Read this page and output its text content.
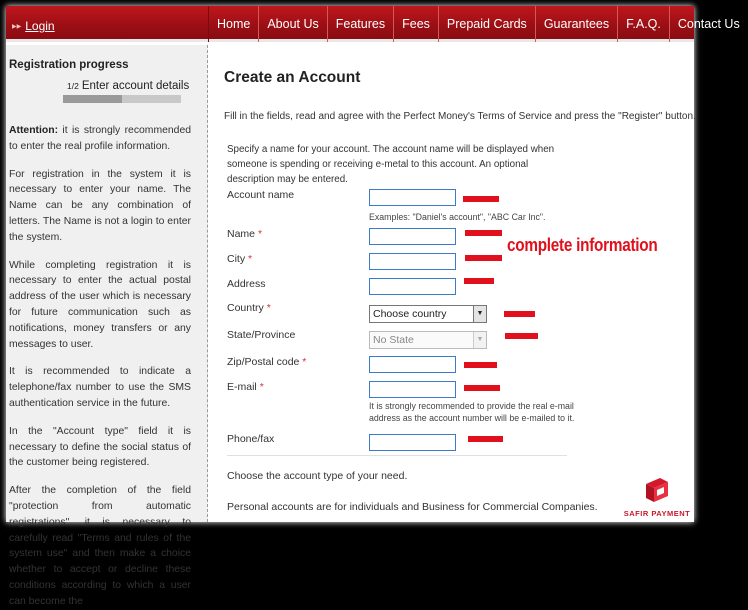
▶▶ Login	Home	About Us	Features	Fees	Prepaid Cards	Guarantees	F.A.Q.	Contact Us
Registration progress
1/2 Enter account details

Attention: it is strongly recommended to enter the real profile information.

For registration in the system it is necessary to enter your name. The Name can be any combination of letters. The Name is not a login to enter the system.

While completing registration it is necessary to enter the actual postal address of the user which is necessary for future communication such as notifications, money transfers or any messages to user.

It is recommended to indicate a telephone/fax number to use the SMS authentication service in the future.

In the "Account type" field it is necessary to define the social status of the customer being registered.

After the completion of the field "protection from automatic registrations", it is necessary to carefully read "Terms and rules of the system use" and then make a choice whether to accept or decline these conditions according to which a user can become the

Create an Account
Fill in the fields, read and agree with the Perfect Money's Terms of Service and press the "Register" button.
Specify a name for your account. The account name will be displayed when someone is spending or receiving e-metal to this account. An optional description may be entered.
Account name
Examples: "Daniel's account", "ABC Car Inc".
Name *
City *
complete information
Address
Country *	Choose country	▼
State/Province	No State	▼
Zip/Postal code *
E-mail *
It is strongly recommended to provide the real e-mail
address as the account number will be e-mailed to it.
Phone/fax
Choose the account type of your need.
Personal accounts are for individuals and Business for Commercial Companies.
SAFIR PAYMENT
